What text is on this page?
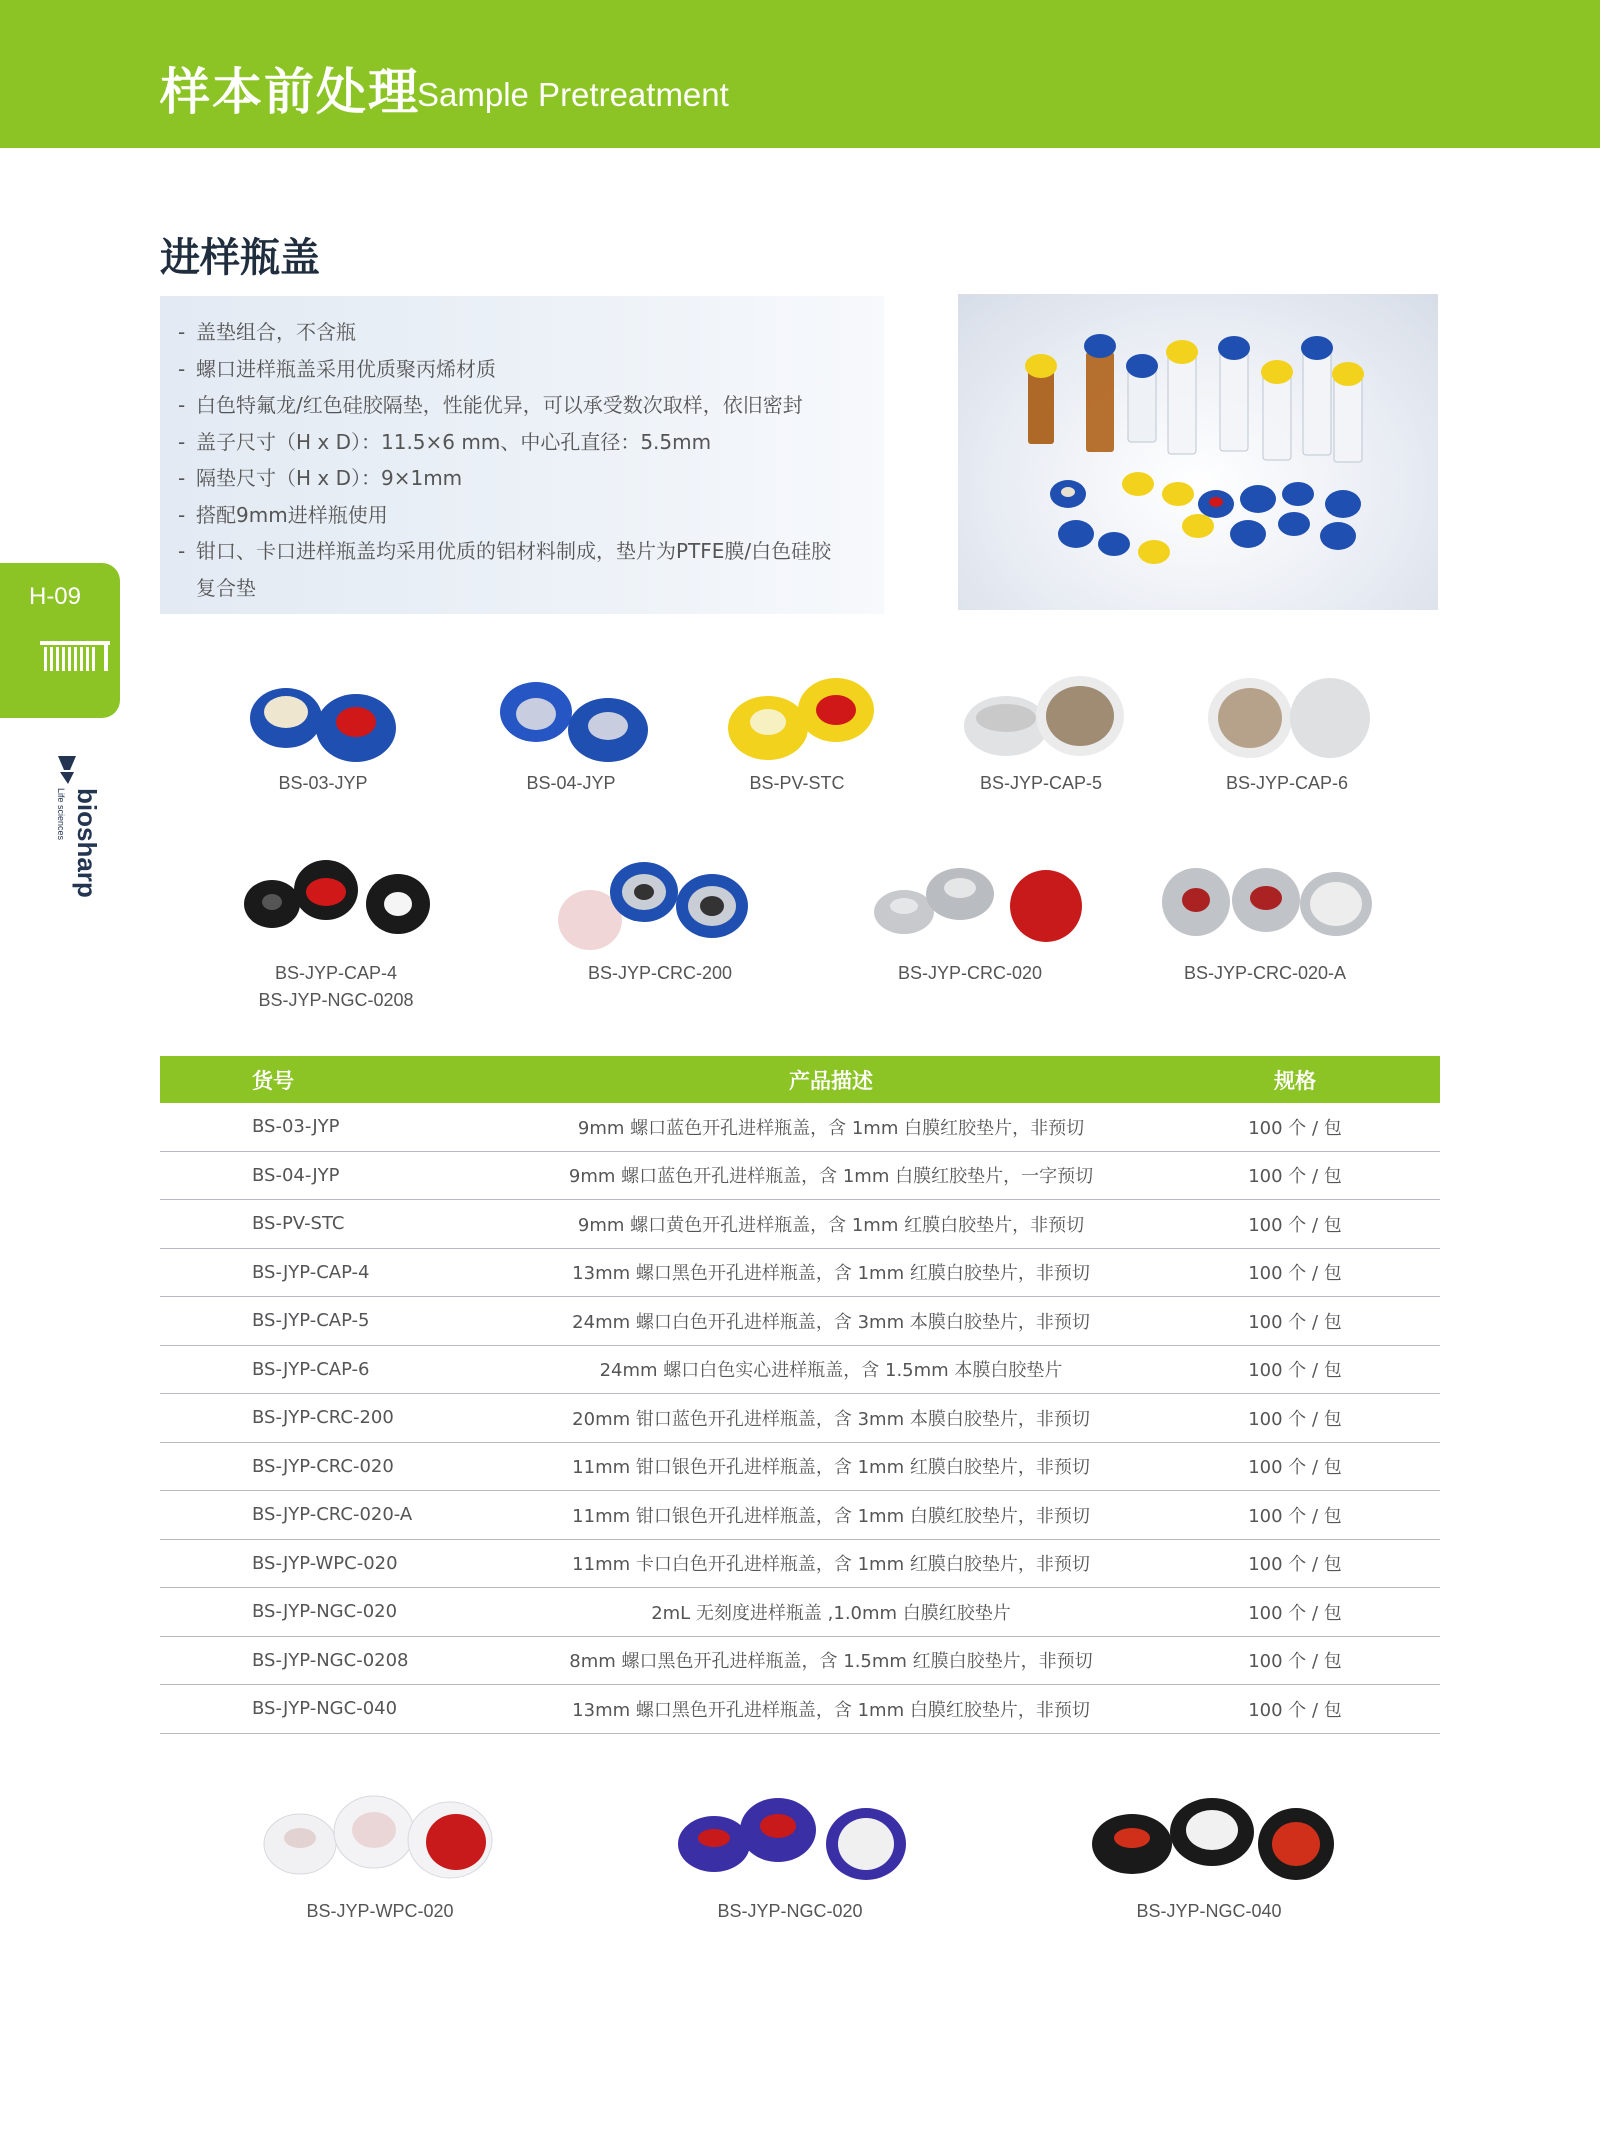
样本前处理
Sample Pretreatment
进样瓶盖
- 盖垫组合，不含瓶
- 螺口进样瓶盖采用优质聚丙烯材质
- 白色特氟龙/红色硅胶隔垫，性能优异，可以承受数次取样，依旧密封
- 盖子尺寸（H x D）：11.5×6 mm、中心孔直径：5.5mm
- 隔垫尺寸（H x D）：9×1mm
- 搭配9mm进样瓶使用
- 钳口、卡口进样瓶盖均采用优质的铝材料制成，垫片为PTFE膜/白色硅胶复合垫
H-09
biosharp
Life sciences
BS-03-JYP	BS-04-JYP	BS-PV-STC	BS-JYP-CAP-5	BS-JYP-CAP-6
BS-JYP-CAP-4
BS-JYP-NGC-0208
BS-JYP-CRC-200	BS-JYP-CRC-020	BS-JYP-CRC-020-A
货号	产品描述	规格
BS-03-JYP	9mm 螺口蓝色开孔进样瓶盖，含 1mm 白膜红胶垫片，非预切	100 个 / 包
BS-04-JYP	9mm 螺口蓝色开孔进样瓶盖，含 1mm 白膜红胶垫片，一字预切	100 个 / 包
BS-PV-STC	9mm 螺口黄色开孔进样瓶盖，含 1mm 红膜白胶垫片，非预切	100 个 / 包
BS-JYP-CAP-4	13mm 螺口黑色开孔进样瓶盖，含 1mm 红膜白胶垫片，非预切	100 个 / 包
BS-JYP-CAP-5	24mm 螺口白色开孔进样瓶盖，含 3mm 本膜白胶垫片，非预切	100 个 / 包
BS-JYP-CAP-6	24mm 螺口白色实心进样瓶盖，含 1.5mm 本膜白胶垫片	100 个 / 包
BS-JYP-CRC-200	20mm 钳口蓝色开孔进样瓶盖，含 3mm 本膜白胶垫片，非预切	100 个 / 包
BS-JYP-CRC-020	11mm 钳口银色开孔进样瓶盖，含 1mm 红膜白胶垫片，非预切	100 个 / 包
BS-JYP-CRC-020-A	11mm 钳口银色开孔进样瓶盖，含 1mm 白膜红胶垫片，非预切	100 个 / 包
BS-JYP-WPC-020	11mm 卡口白色开孔进样瓶盖，含 1mm 红膜白胶垫片，非预切	100 个 / 包
BS-JYP-NGC-020	2mL 无刻度进样瓶盖 ,1.0mm 白膜红胶垫片	100 个 / 包
BS-JYP-NGC-0208	8mm 螺口黑色开孔进样瓶盖，含 1.5mm 红膜白胶垫片，非预切	100 个 / 包
BS-JYP-NGC-040	13mm 螺口黑色开孔进样瓶盖，含 1mm 白膜红胶垫片，非预切	100 个 / 包
BS-JYP-WPC-020	BS-JYP-NGC-020	BS-JYP-NGC-040
